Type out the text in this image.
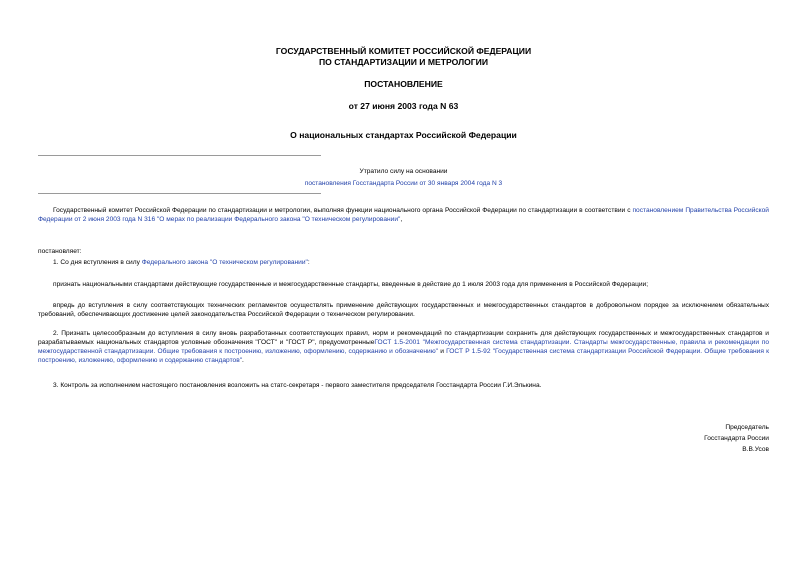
ГОСУДАРСТВЕННЫЙ КОМИТЕТ РОССИЙСКОЙ ФЕДЕРАЦИИ
ПО СТАНДАРТИЗАЦИИ И МЕТРОЛОГИИ
ПОСТАНОВЛЕНИЕ
от 27 июня 2003 года N 63
О национальных стандартах Российской Федерации
Утратило силу на основании
постановления Госстандарта России от 30 января 2004 года N 3
Государственный комитет Российской Федерации по стандартизации и метрологии, выполняя функции национального органа Российской Федерации по стандартизации в соответствии с постановлением Правительства Российской Федерации от 2 июня 2003 года N 316 "О мерах по реализации Федерального закона "О техническом регулировании",
постановляет:
1. Со дня вступления в силу Федерального закона "О техническом регулировании":
признать национальными стандартами действующие государственные и межгосударственные стандарты, введенные в действие до 1 июля 2003 года для применения в Российской Федерации;
впредь до вступления в силу соответствующих технических регламентов осуществлять применение действующих государственных и межгосударственных стандартов в добровольном порядке за исключением обязательных требований, обеспечивающих достижение целей законодательства Российской Федерации о техническом регулировании.
2. Признать целесообразным до вступления в силу вновь разработанных соответствующих правил, норм и рекомендаций по стандартизации сохранить для действующих государственных и межгосударственных стандартов и разрабатываемых национальных стандартов условные обозначения "ГОСТ" и "ГОСТ Р", предусмотренныеГОСТ 1.5-2001 "Межгосударственная система стандартизации. Стандарты межгосударственные, правила и рекомендации по межгосударственной стандартизации. Общие требования к построению, изложению, оформлению, содержанию и обозначению" и ГОСТ Р 1.5-92 "Государственная система стандартизации Российской Федерации. Общие требования к построению, изложению, оформлению и содержанию стандартов".
3. Контроль за исполнением настоящего постановления возложить на статс-секретаря - первого заместителя председателя Госстандарта России Г.И.Элькина.
Председатель
Госстандарта России
В.В.Усов
